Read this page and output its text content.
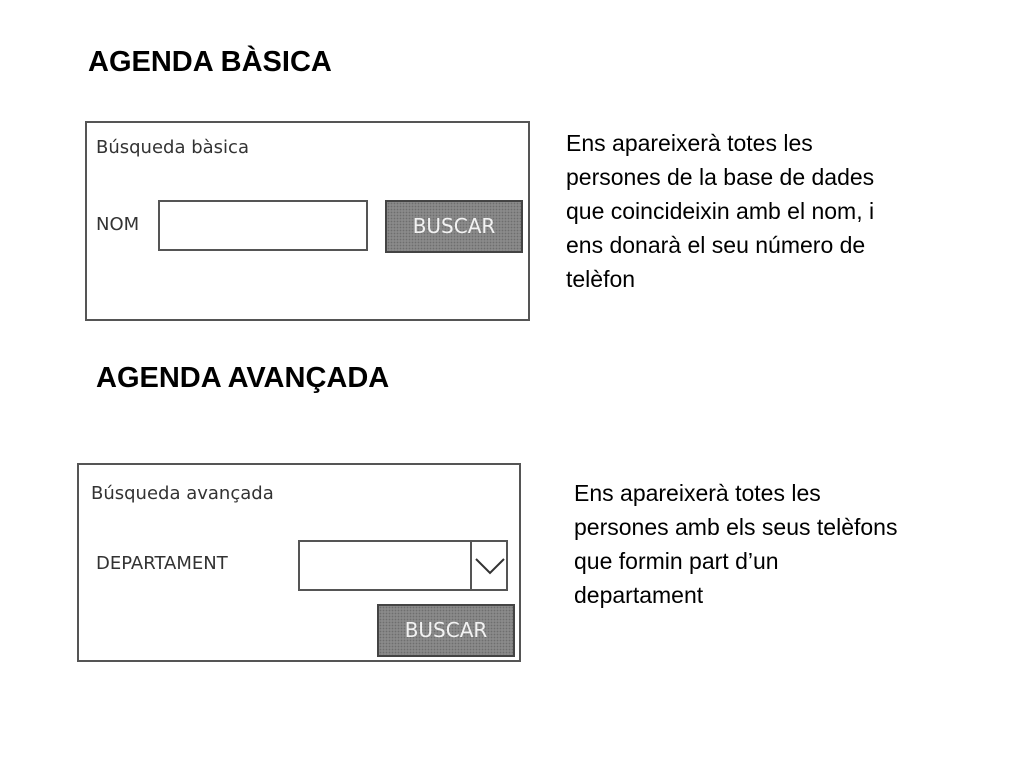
AGENDA BÀSICA
Búsqueda bàsica
NOM	BUSCAR

Ens apareixerà totes les
persones de la base de dades
que coincideixin amb el nom, i
ens donarà el seu número de
telèfon

AGENDA AVANÇADA
Búsqueda avançada
DEPARTAMENT
BUSCAR

Ens apareixerà totes les
persones amb els seus telèfons
que formin part d’un
departament
